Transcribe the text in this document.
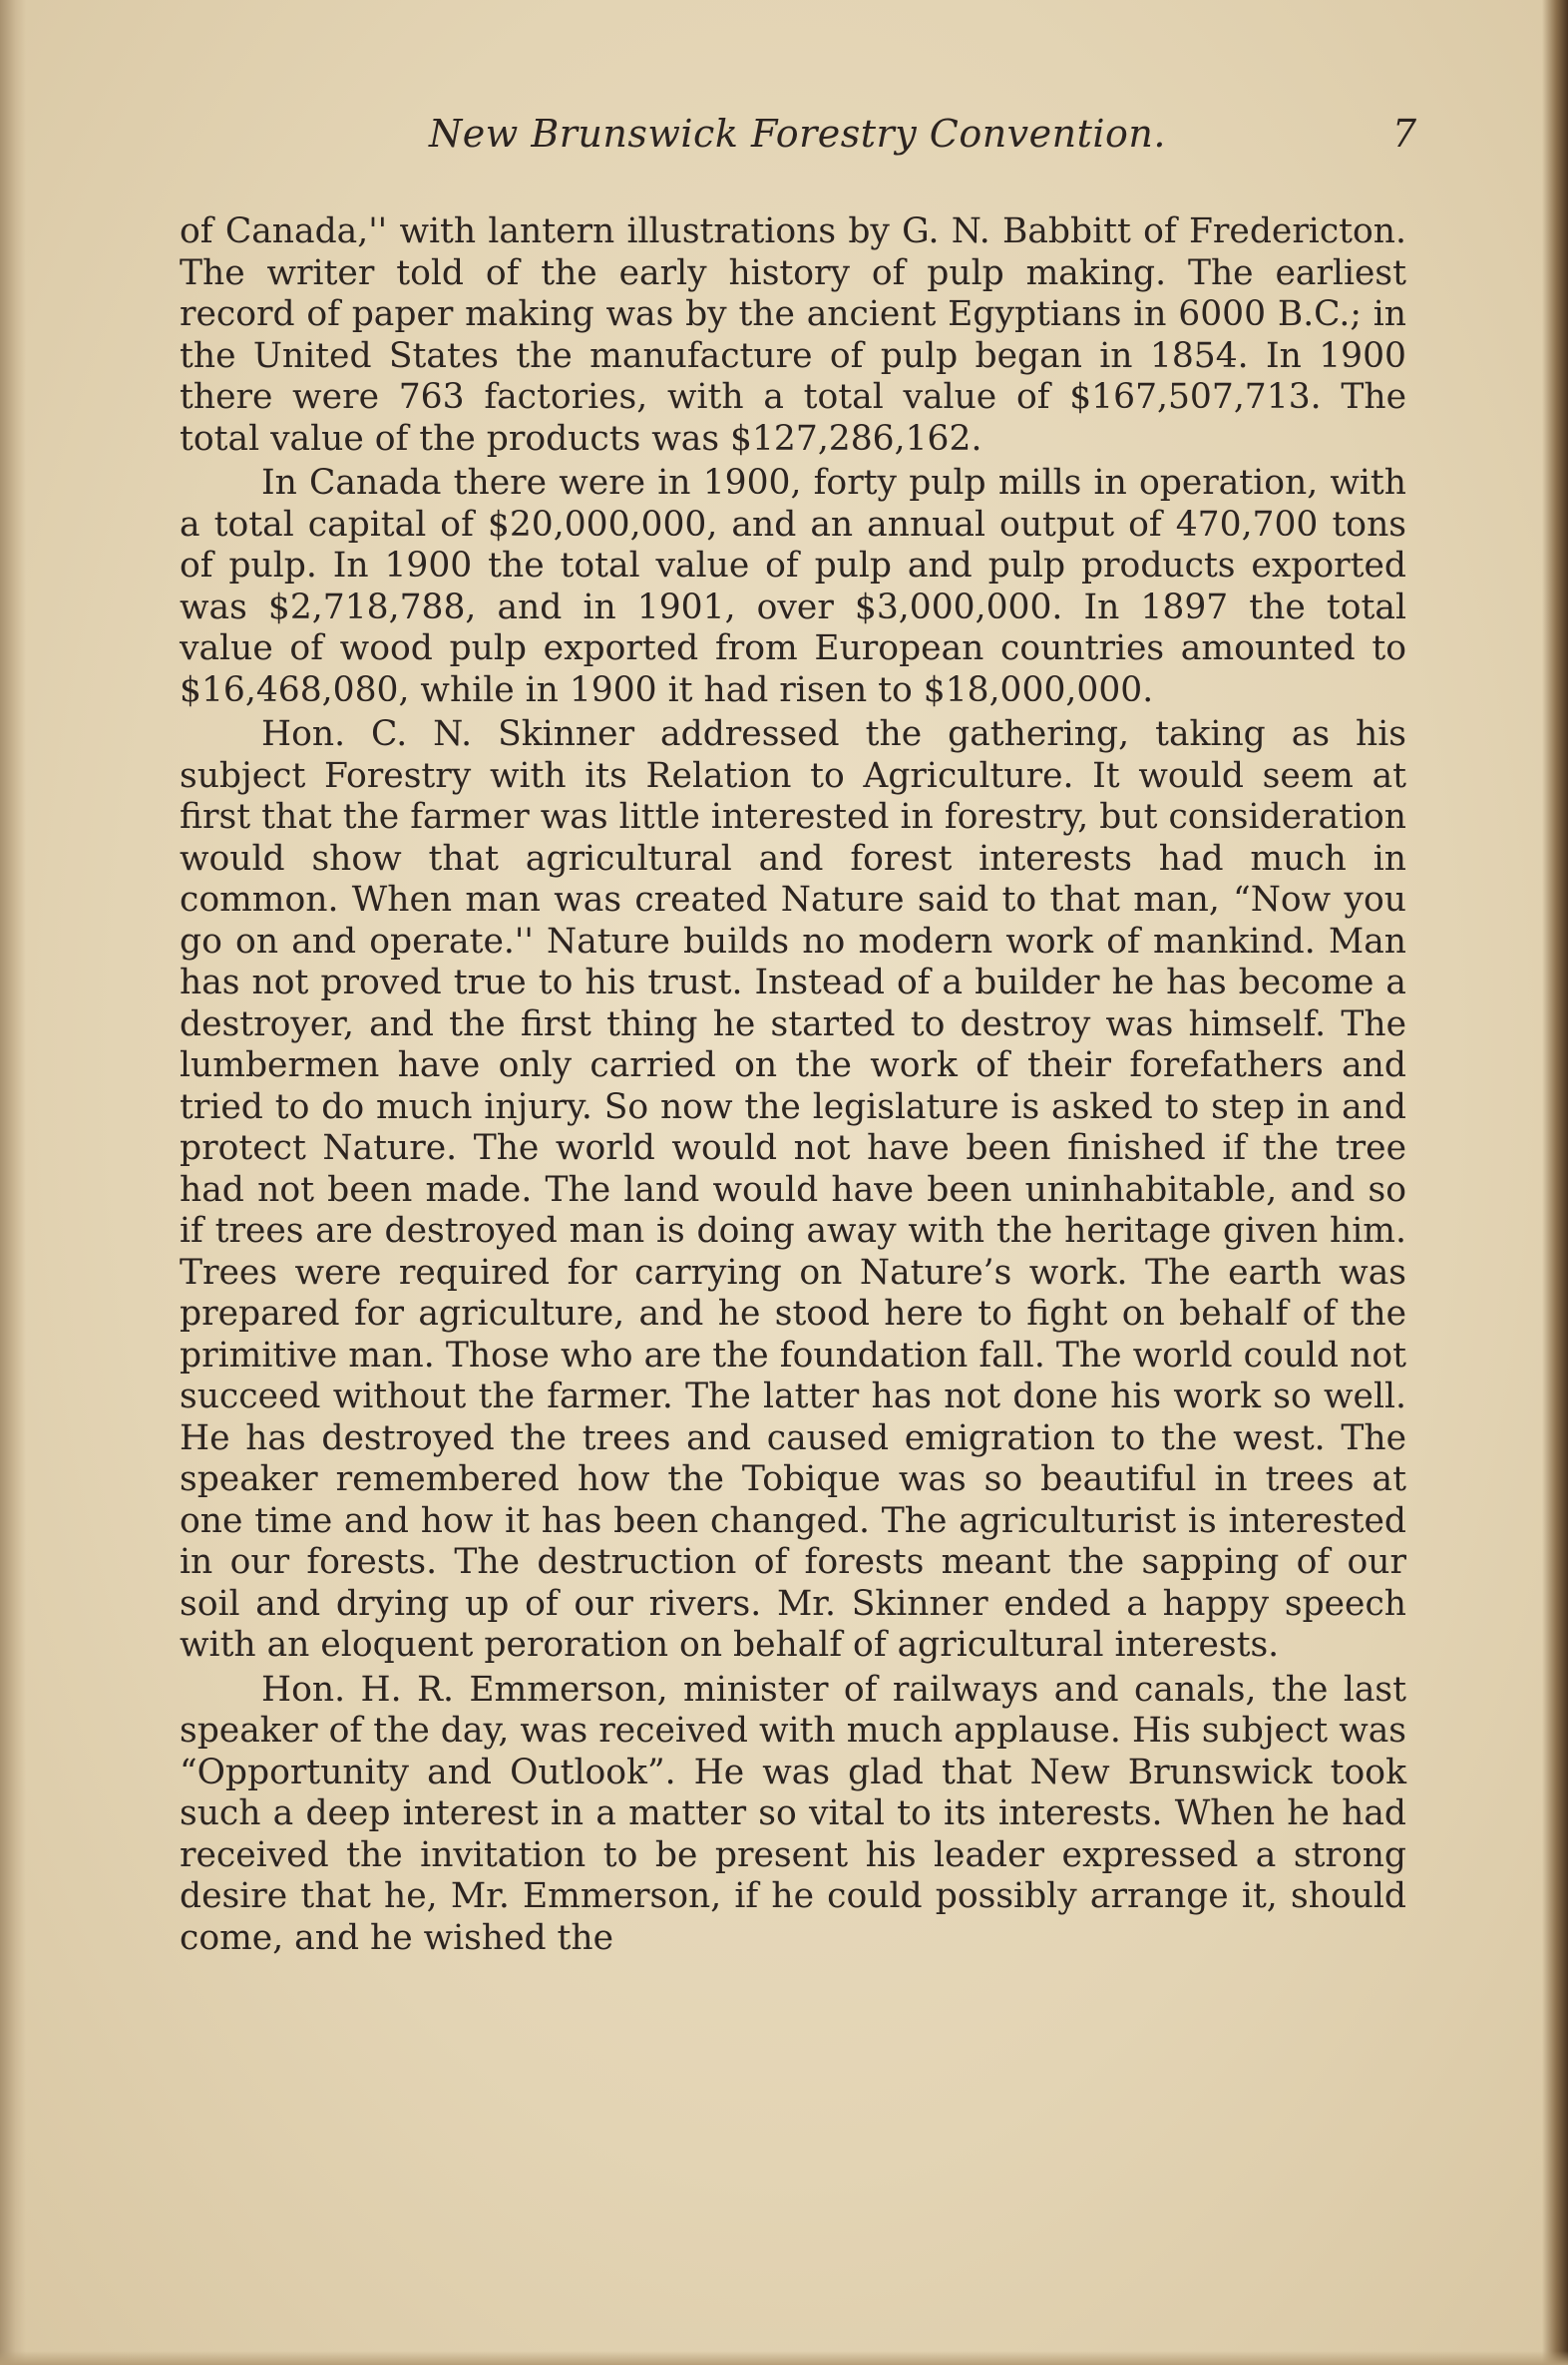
New Brunswick Forestry Convention.	7

of Canada,'' with lantern illustrations by G. N. Babbitt of Fredericton. The writer told of the early history of pulp making. The earliest record of paper making was by the ancient Egyptians in 6000 B.C.; in the United States the manufacture of pulp began in 1854. In 1900 there were 763 factories, with a total value of $167,507,713. The total value of the products was $127,286,162.

In Canada there were in 1900, forty pulp mills in operation, with a total capital of $20,000,000, and an annual output of 470,700 tons of pulp. In 1900 the total value of pulp and pulp products exported was $2,718,788, and in 1901, over $3,000,000. In 1897 the total value of wood pulp exported from European countries amounted to $16,468,080, while in 1900 it had risen to $18,000,000.

Hon. C. N. Skinner addressed the gathering, taking as his subject Forestry with its Relation to Agriculture. It would seem at first that the farmer was little interested in forestry, but consideration would show that agricultural and forest interests had much in common. When man was created Nature said to that man, “Now you go on and operate.'' Nature builds no modern work of mankind. Man has not proved true to his trust. Instead of a builder he has become a destroyer, and the first thing he started to destroy was himself. The lumbermen have only carried on the work of their forefathers and tried to do much injury. So now the legislature is asked to step in and protect Nature. The world would not have been finished if the tree had not been made. The land would have been uninhabitable, and so if trees are destroyed man is doing away with the heritage given him. Trees were required for carrying on Nature’s work. The earth was prepared for agriculture, and he stood here to fight on behalf of the primitive man. Those who are the foundation fall. The world could not succeed without the farmer. The latter has not done his work so well. He has destroyed the trees and caused emigration to the west. The speaker remembered how the Tobique was so beautiful in trees at one time and how it has been changed. The agriculturist is interested in our forests. The destruction of forests meant the sapping of our soil and drying up of our rivers. Mr. Skinner ended a happy speech with an eloquent peroration on behalf of agricultural interests.

Hon. H. R. Emmerson, minister of railways and canals, the last speaker of the day, was received with much applause. His subject was “Opportunity and Outlook”. He was glad that New Brunswick took such a deep interest in a matter so vital to its interests. When he had received the invitation to be present his leader expressed a strong desire that he, Mr. Emmerson, if he could possibly arrange it, should come, and he wished the
